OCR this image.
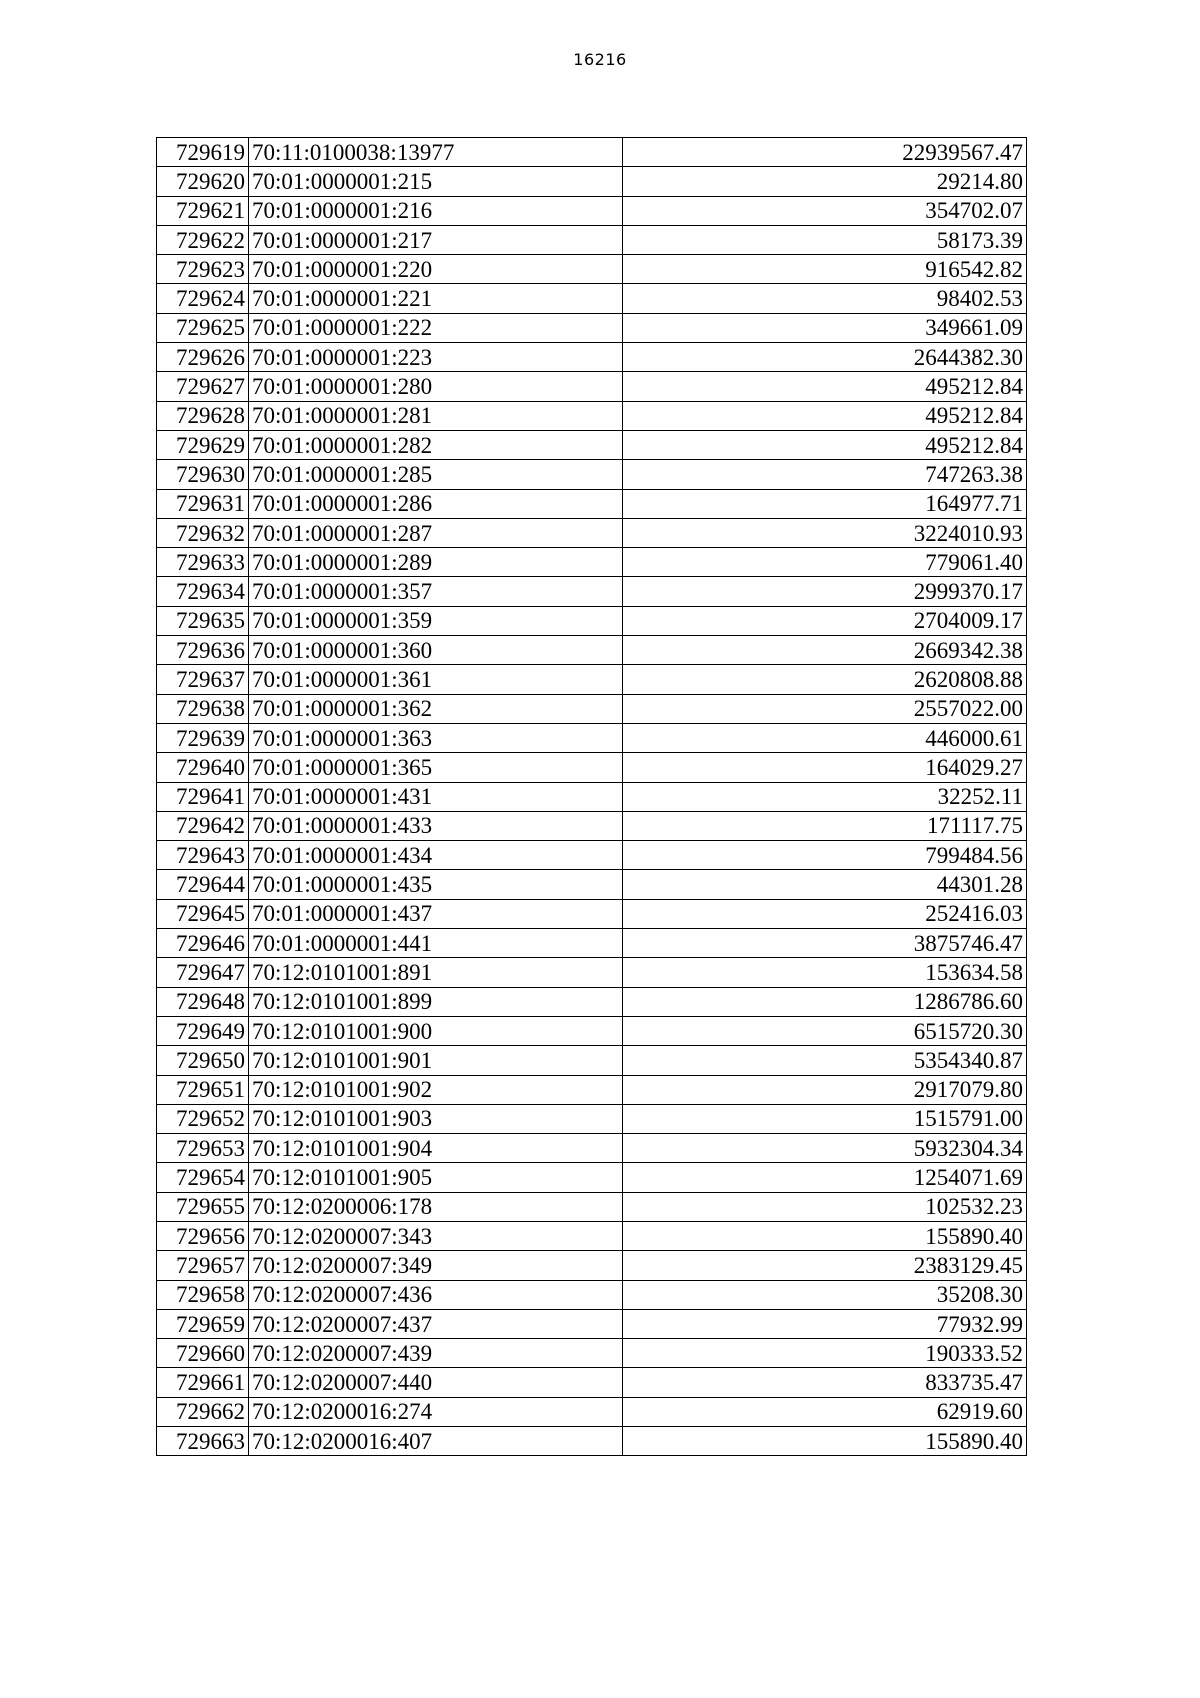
16216
729619	70:11:0100038:13977	22939567.47
729620	70:01:0000001:215	29214.80
729621	70:01:0000001:216	354702.07
729622	70:01:0000001:217	58173.39
729623	70:01:0000001:220	916542.82
729624	70:01:0000001:221	98402.53
729625	70:01:0000001:222	349661.09
729626	70:01:0000001:223	2644382.30
729627	70:01:0000001:280	495212.84
729628	70:01:0000001:281	495212.84
729629	70:01:0000001:282	495212.84
729630	70:01:0000001:285	747263.38
729631	70:01:0000001:286	164977.71
729632	70:01:0000001:287	3224010.93
729633	70:01:0000001:289	779061.40
729634	70:01:0000001:357	2999370.17
729635	70:01:0000001:359	2704009.17
729636	70:01:0000001:360	2669342.38
729637	70:01:0000001:361	2620808.88
729638	70:01:0000001:362	2557022.00
729639	70:01:0000001:363	446000.61
729640	70:01:0000001:365	164029.27
729641	70:01:0000001:431	32252.11
729642	70:01:0000001:433	171117.75
729643	70:01:0000001:434	799484.56
729644	70:01:0000001:435	44301.28
729645	70:01:0000001:437	252416.03
729646	70:01:0000001:441	3875746.47
729647	70:12:0101001:891	153634.58
729648	70:12:0101001:899	1286786.60
729649	70:12:0101001:900	6515720.30
729650	70:12:0101001:901	5354340.87
729651	70:12:0101001:902	2917079.80
729652	70:12:0101001:903	1515791.00
729653	70:12:0101001:904	5932304.34
729654	70:12:0101001:905	1254071.69
729655	70:12:0200006:178	102532.23
729656	70:12:0200007:343	155890.40
729657	70:12:0200007:349	2383129.45
729658	70:12:0200007:436	35208.30
729659	70:12:0200007:437	77932.99
729660	70:12:0200007:439	190333.52
729661	70:12:0200007:440	833735.47
729662	70:12:0200016:274	62919.60
729663	70:12:0200016:407	155890.40
